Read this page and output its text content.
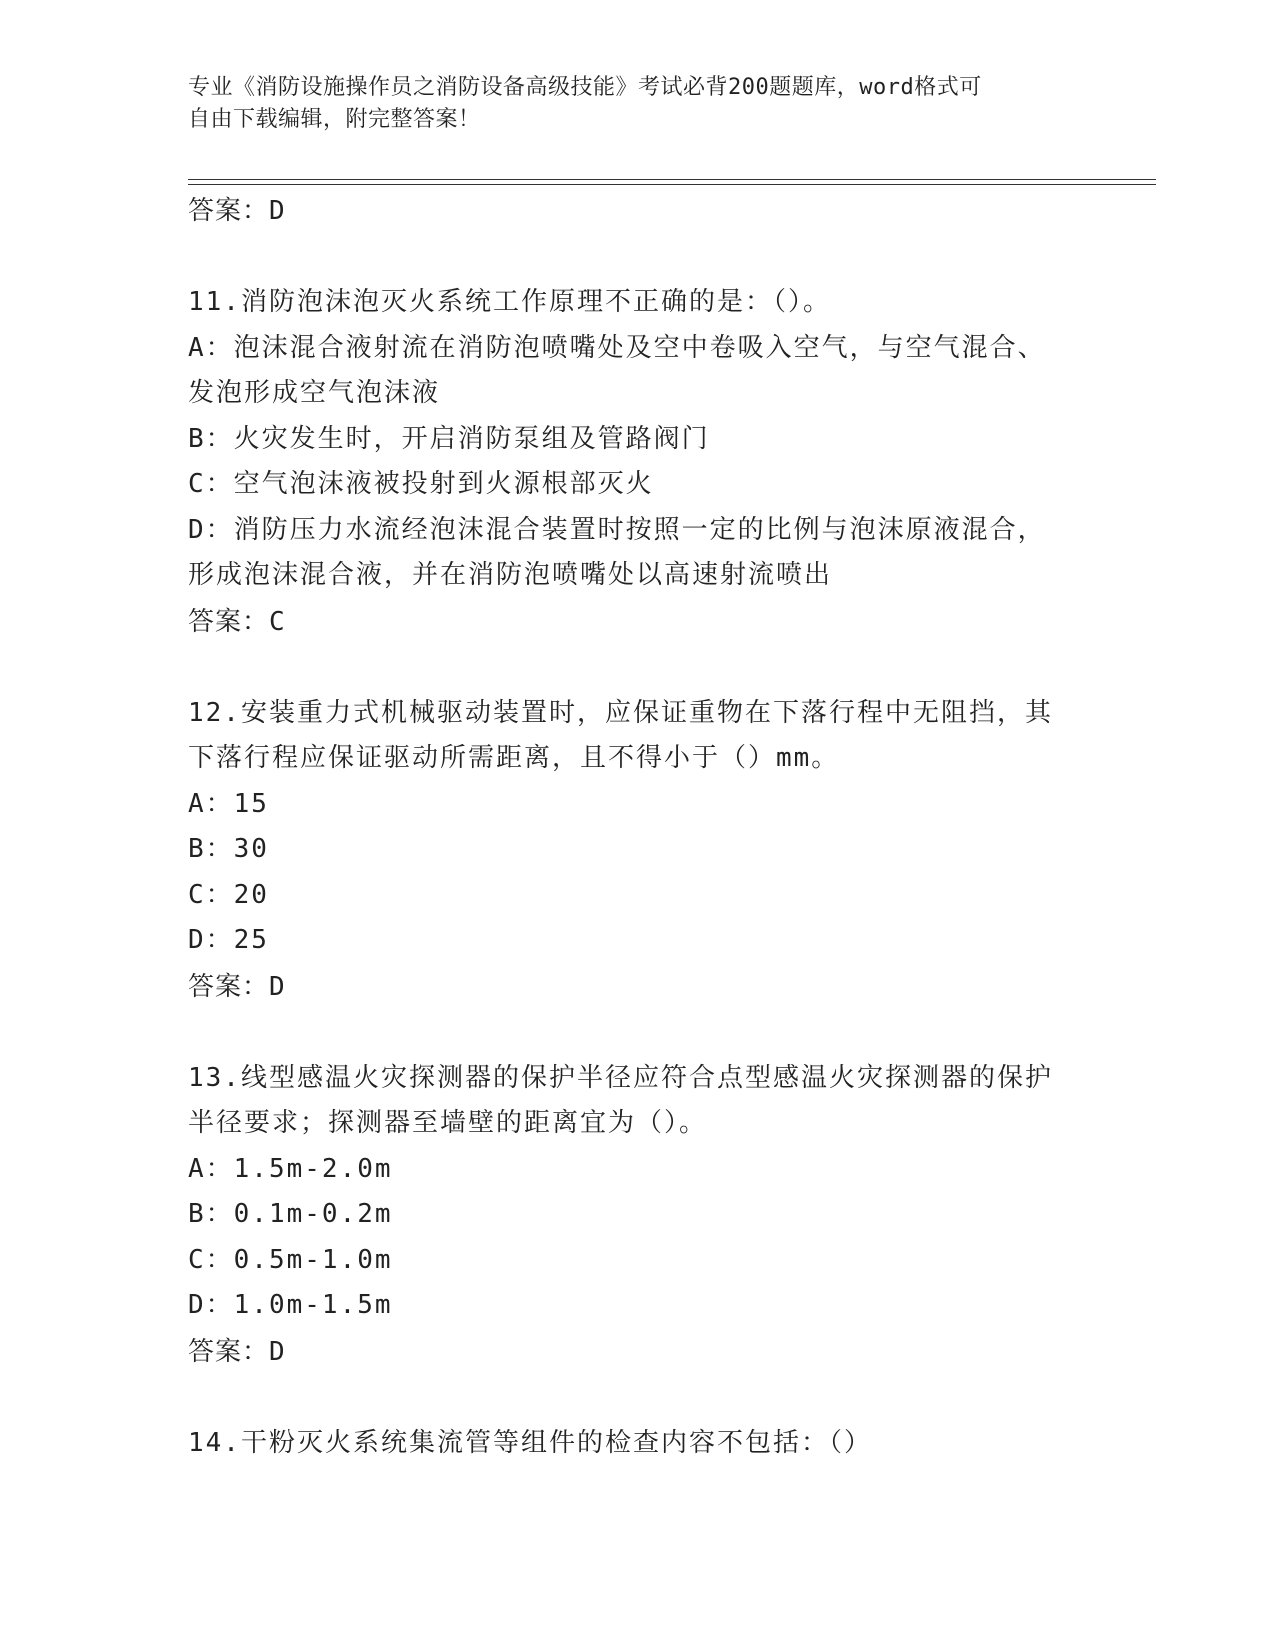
专业《消防设施操作员之消防设备高级技能》考试必背200题题库，word格式可
自由下载编辑，附完整答案！
答案：D

11.消防泡沫泡灭火系统工作原理不正确的是：（）。

A：泡沫混合液射流在消防泡喷嘴处及空中卷吸入空气，与空气混合、

发泡形成空气泡沫液

B：火灾发生时，开启消防泵组及管路阀门

C：空气泡沫液被投射到火源根部灭火

D：消防压力水流经泡沫混合装置时按照一定的比例与泡沫原液混合，

形成泡沫混合液，并在消防泡喷嘴处以高速射流喷出

答案：C

12.安装重力式机械驱动装置时，应保证重物在下落行程中无阻挡，其

下落行程应保证驱动所需距离，且不得小于（）mm。

A：15

B：30

C：20

D：25

答案：D

13.线型感温火灾探测器的保护半径应符合点型感温火灾探测器的保护

半径要求；探测器至墙壁的距离宜为（）。

A：1.5m-2.0m

B：0.1m-0.2m

C：0.5m-1.0m

D：1.0m-1.5m

答案：D

14.干粉灭火系统集流管等组件的检查内容不包括：（）
